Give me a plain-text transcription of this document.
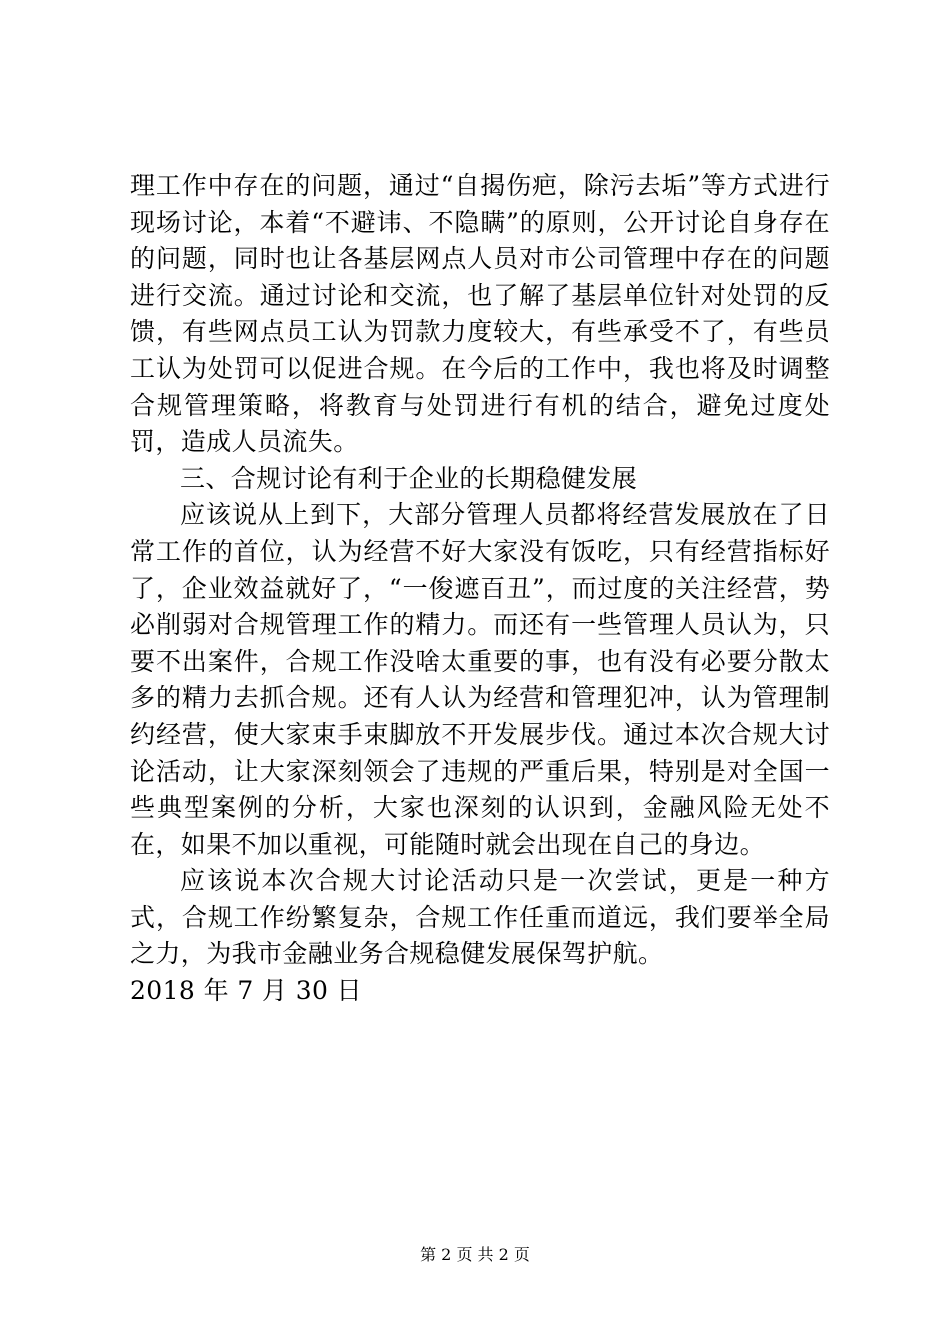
理工作中存在的问题，通过“自揭伤疤，除污去垢”等方式进行现场讨论，本着“不避讳、不隐瞒”的原则，公开讨论自身存在的问题，同时也让各基层网点人员对市公司管理中存在的问题进行交流。通过讨论和交流，也了解了基层单位针对处罚的反馈，有些网点员工认为罚款力度较大，有些承受不了，有些员工认为处罚可以促进合规。在今后的工作中，我也将及时调整合规管理策略，将教育与处罚进行有机的结合，避免过度处罚，造成人员流失。

三、合规讨论有利于企业的长期稳健发展

应该说从上到下，大部分管理人员都将经营发展放在了日常工作的首位，认为经营不好大家没有饭吃，只有经营指标好了，企业效益就好了，“一俊遮百丑”，而过度的关注经营，势必削弱对合规管理工作的精力。而还有一些管理人员认为，只要不出案件，合规工作没啥太重要的事，也有没有必要分散太多的精力去抓合规。还有人认为经营和管理犯冲，认为管理制约经营，使大家束手束脚放不开发展步伐。通过本次合规大讨论活动，让大家深刻领会了违规的严重后果，特别是对全国一些典型案例的分析，大家也深刻的认识到，金融风险无处不在，如果不加以重视，可能随时就会出现在自己的身边。

应该说本次合规大讨论活动只是一次尝试，更是一种方式，合规工作纷繁复杂，合规工作任重而道远，我们要举全局之力，为我市金融业务合规稳健发展保驾护航。

2018 年 7 月 30 日

第 2 页 共 2 页
